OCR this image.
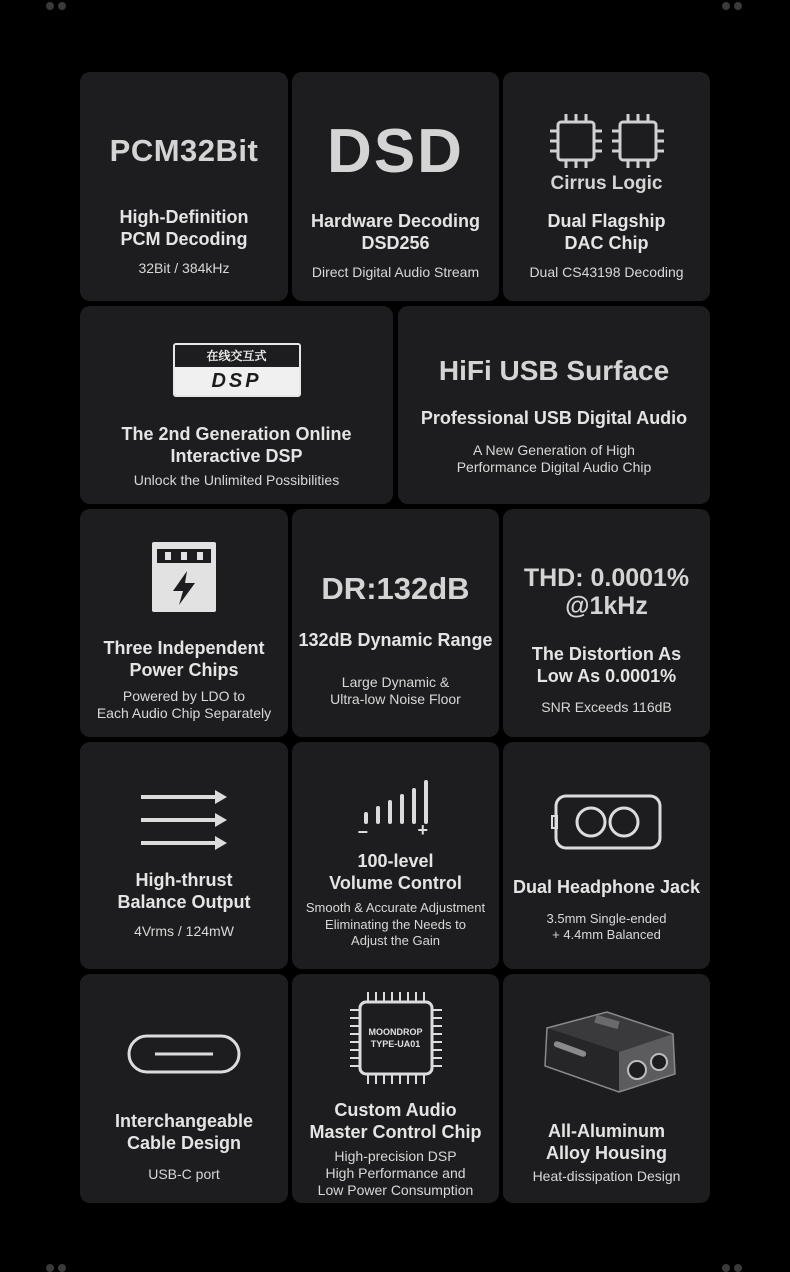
PCM32Bit
High-Definition
PCM Decoding
32Bit / 384kHz
DSD
Hardware Decoding
DSD256
Direct Digital Audio Stream
Cirrus Logic
Dual Flagship
DAC Chip
Dual CS43198 Decoding
在线交互式
DSP
The 2nd Generation Online
Interactive DSP
Unlock the Unlimited Possibilities
HiFi USB Surface
Professional USB Digital Audio
A New Generation of High
Performance Digital Audio Chip
Three Independent
Power Chips
Powered by LDO to
Each Audio Chip Separately
DR:132dB
132dB Dynamic Range
Large Dynamic &
Ultra-low Noise Floor
THD: 0.0001%
@1kHz
The Distortion As
Low As 0.0001%
SNR Exceeds 116dB
High-thrust
Balance Output
4Vrms / 124mW
−	+
100-level
Volume Control
Smooth & Accurate Adjustment
Eliminating the Needs to
Adjust the Gain
Dual Headphone Jack
3.5mm Single-ended
+ 4.4mm Balanced
Interchangeable
Cable Design
USB-C port
MOONDROP
TYPE-UA01
Custom Audio
Master Control Chip
High-precision DSP
High Performance and
Low Power Consumption
All-Aluminum
Alloy Housing
Heat-dissipation Design
